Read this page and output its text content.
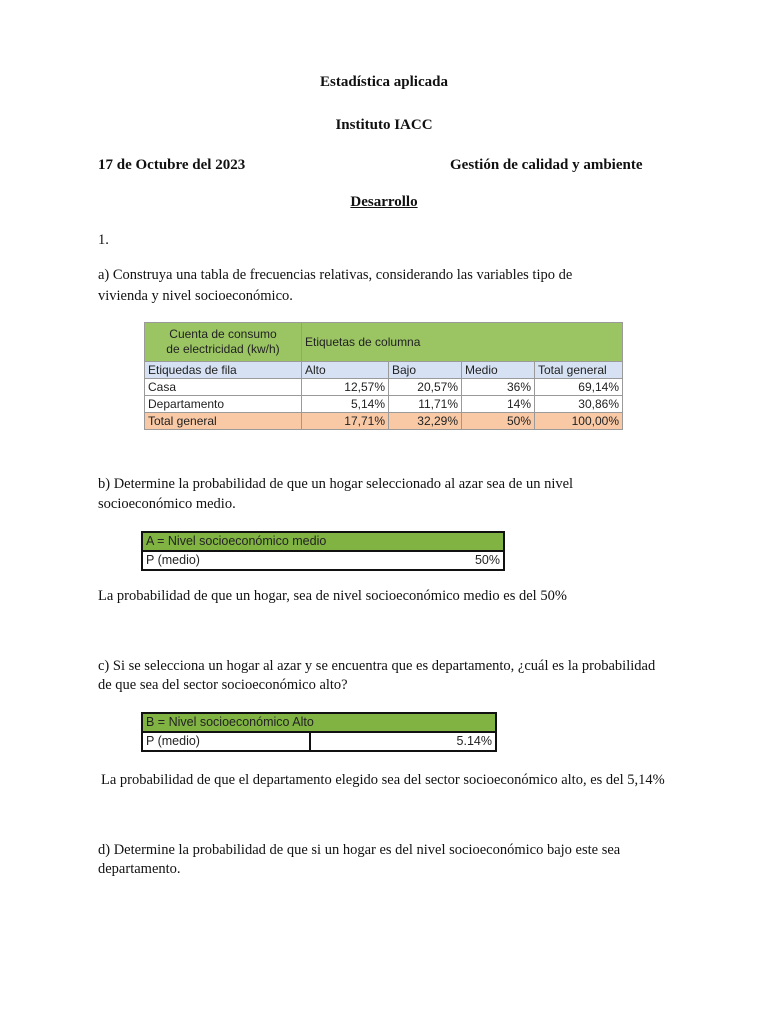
Estadística aplicada
Instituto IACC
17 de Octubre del 2023	Gestión de calidad y ambiente
Desarrollo
1.
a) Construya una tabla de frecuencias relativas, considerando las variables tipo de
vivienda y nivel socioeconómico.
Cuenta de consumo
de electricidad (kw/h)	Etiquetas de columna			
Etiquedas de fila	Alto	Bajo	Medio	Total general
Casa	12,57%	20,57%	36%	69,14%
Departamento	5,14%	11,71%	14%	30,86%
Total general	17,71%	32,29%	50%	100,00%
b) Determine la probabilidad de que un hogar seleccionado al azar sea de un nivel
socioeconómico medio.
A = Nivel socioeconómico medio
P (medio)	50%
La probabilidad de que un hogar, sea de nivel socioeconómico medio es del 50%
c) Si se selecciona un hogar al azar y se encuentra que es departamento, ¿cuál es la probabilidad
de que sea del sector socioeconómico alto?
B = Nivel socioeconómico Alto
P (medio)	5.14%
La probabilidad de que el departamento elegido sea del sector socioeconómico alto, es del 5,14%
d) Determine la probabilidad de que si un hogar es del nivel socioeconómico bajo este sea
departamento.
